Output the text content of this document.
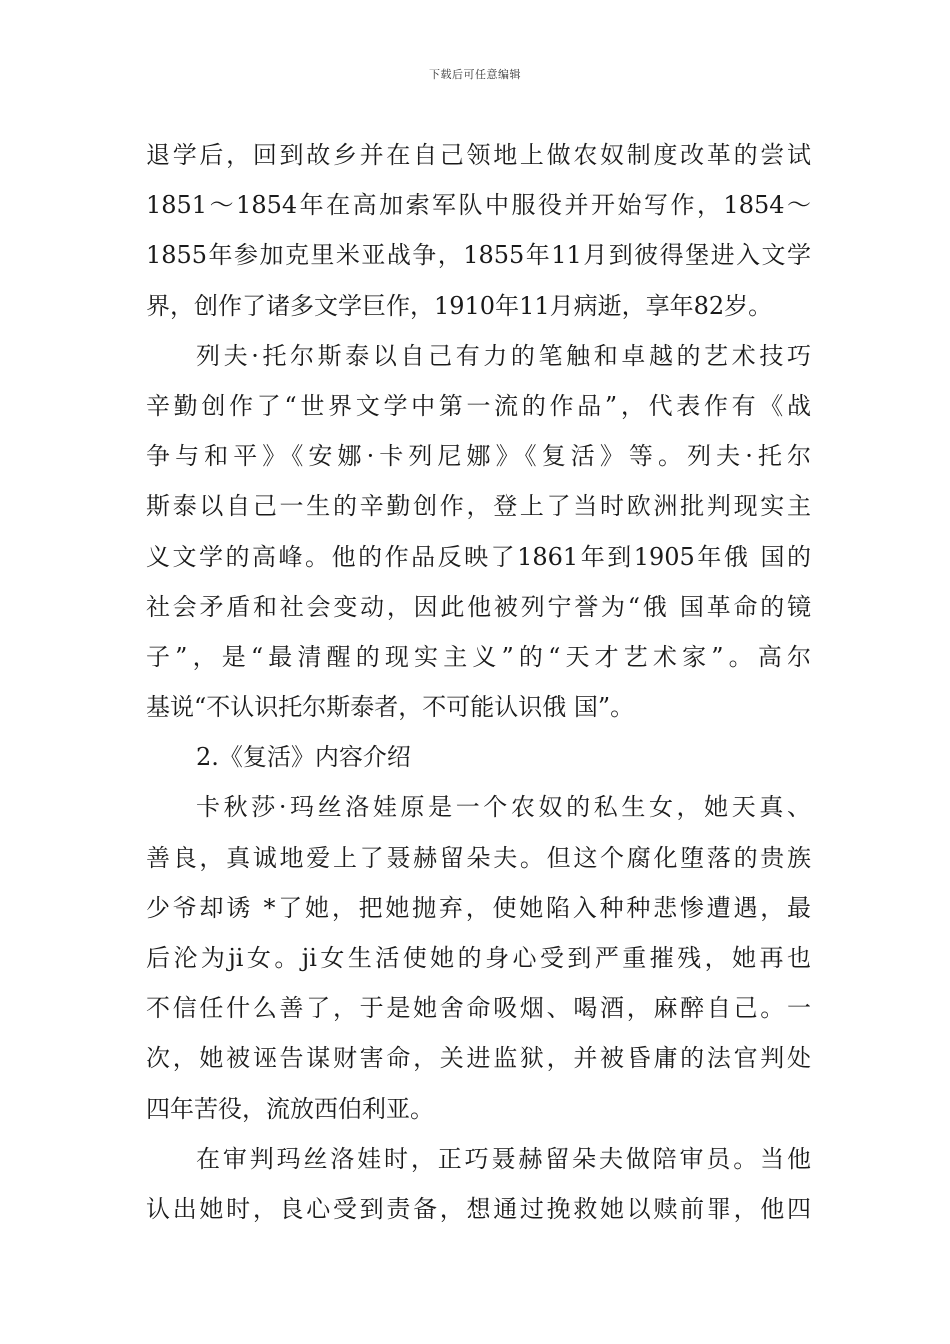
下载后可任意编辑
退学后，回到故乡并在自己领地上做农奴制度改革的尝试
1851～1854年在高加索军队中服役并开始写作，1854～
1855年参加克里米亚战争，1855年11月到彼得堡进入文学
界，创作了诸多文学巨作，1910年11月病逝，享年82岁。
列夫·托尔斯泰以自己有力的笔触和卓越的艺术技巧
辛勤创作了“世界文学中第一流的作品”，代表作有《战
争与和平》《安娜·卡列尼娜》《复活》等。列夫·托尔
斯泰以自己一生的辛勤创作，登上了当时欧洲批判现实主
义文学的高峰。他的作品反映了1861年到1905年俄 国的
社会矛盾和社会变动，因此他被列宁誉为“俄 国革命的镜
子”，是“最清醒的现实主义”的“天才艺术家”。高尔
基说“不认识托尔斯泰者，不可能认识俄 国”。
2.《复活》内容介绍
卡秋莎·玛丝洛娃原是一个农奴的私生女，她天真、
善良，真诚地爱上了聂赫留朵夫。但这个腐化堕落的贵族
少爷却诱 *了她，把她抛弃，使她陷入种种悲惨遭遇，最
后沦为ji女。ji女生活使她的身心受到严重摧残，她再也
不信任什么善了，于是她舍命吸烟、喝酒，麻醉自己。一
次，她被诬告谋财害命，关进监狱，并被昏庸的法官判处
四年苦役，流放西伯利亚。
在审判玛丝洛娃时，正巧聂赫留朵夫做陪审员。当他
认出她时，良心受到责备，想通过挽救她以赎前罪，他四
